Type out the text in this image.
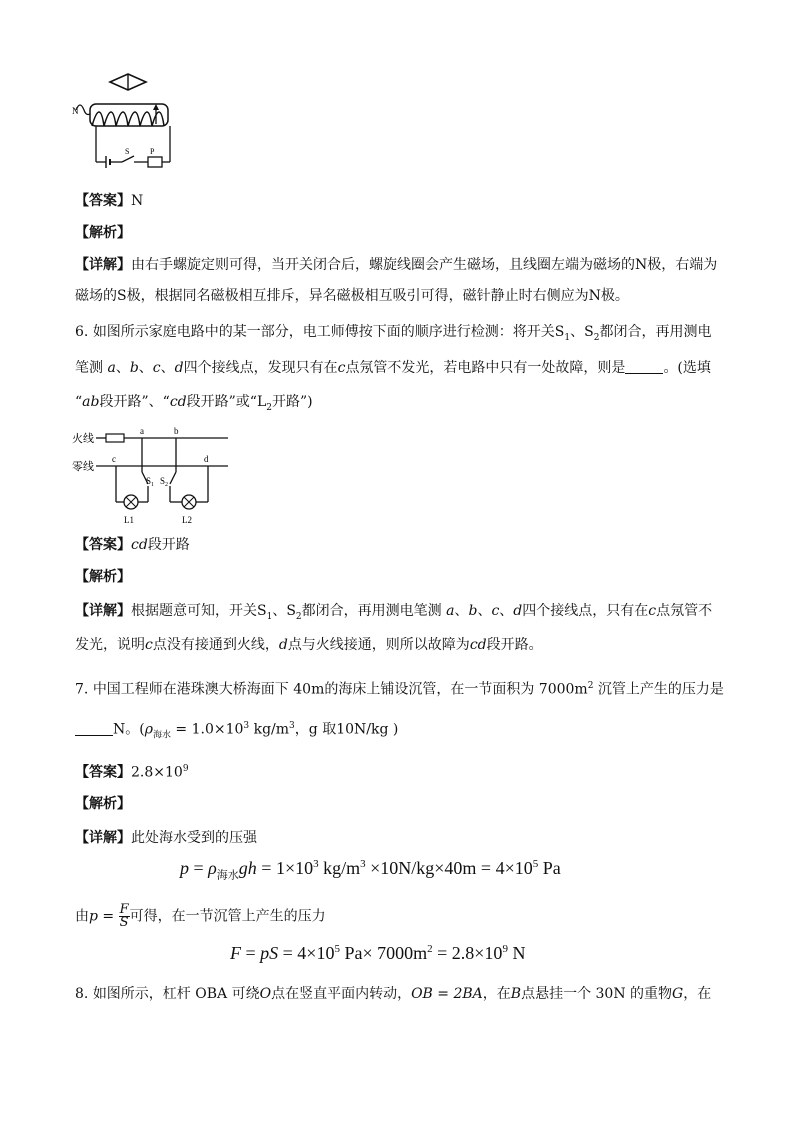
N
S	P
【答案】N
【解析】
【详解】由右手螺旋定则可得，当开关闭合后，螺旋线圈会产生磁场，且线圈左端为磁场的N极，右端为
磁场的S极，根据同名磁极相互排斥，异名磁极相互吸引可得，磁针静止时右侧应为N极。
6. 如图所示家庭电路中的某一部分，电工师傅按下面的顺序进行检测：将开关$S_1$、$S_2$都闭合，再用测电
笔测 a、b、c、d四个接线点，发现只有在c点氖管不发光，若电路中只有一处故障，则是	。(选填
“ab段开路”、“cd段开路”或“$L_2$开路”)
火线
零线
a	b
c	d
$S_1$
L1
$S_2$
L2
【答案】cd段开路
【解析】
【详解】根据题意可知，开关$S_1$、$S_2$都闭合，再用测电笔测 a、b、c、d四个接线点，只有在c点氖管不
发光，说明c点没有接通到火线，d点与火线接通，则所以故障为cd段开路。
7. 中国工程师在港珠澳大桥海面下 40m的海床上铺设沉管，在一节面积为 $7000m^2$ 沉管上产生的压力是
N。($\rho_{海水} = 1.0\times 10^3$ $kg/m^3$，g 取10N/kg )
【答案】$2.8\times 10^9$
【解析】
【详解】此处海水受到的压强
$p = \rho_{海水}gh = 1\times 10^3$ $kg/m^3 \times 10N/kg\times 40m = 4\times 10^5$ Pa
由$p = \frac{F}{S}$ 可得，在一节沉管上产生的压力
F = pS = $4\times 10^5$ $Pa\times 7000m^2 = 2.8\times 10^9$ N
8. 如图所示，杠杆 OBA 可绕O点在竖直平面内转动，OB = 2BA，在B点悬挂一个 30N 的重物G，在
